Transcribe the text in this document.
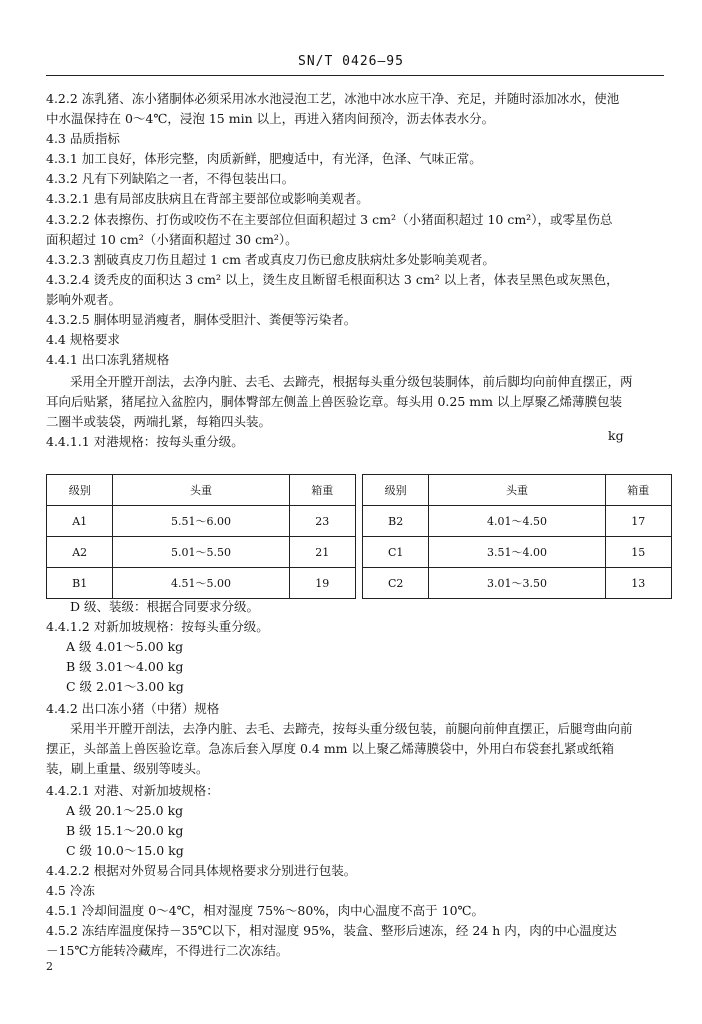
SN/T 0426—95
4.2.2 冻乳猪、冻小猪胴体必须采用冰水池浸泡工艺，冰池中冰水应干净、充足，并随时添加冰水，使池
中水温保持在 0～4℃，浸泡 15 min 以上，再进入猪肉间预冷，沥去体表水分。
4.3 品质指标
4.3.1 加工良好，体形完整，肉质新鲜，肥瘦适中，有光泽，色泽、气味正常。
4.3.2 凡有下列缺陷之一者，不得包装出口。
4.3.2.1 患有局部皮肤病且在背部主要部位或影响美观者。
4.3.2.2 体表擦伤、打伤或咬伤不在主要部位但面积超过 3 cm²（小猪面积超过 10 cm²），或零星伤总
面积超过 10 cm²（小猪面积超过 30 cm²）。
4.3.2.3 割破真皮刀伤且超过 1 cm 者或真皮刀伤已愈皮肤病灶多处影响美观者。
4.3.2.4 烫秃皮的面积达 3 cm² 以上，烫生皮且断留毛根面积达 3 cm² 以上者，体表呈黑色或灰黑色，
影响外观者。
4.3.2.5 胴体明显消瘦者，胴体受胆汁、粪便等污染者。
4.4 规格要求
4.4.1 出口冻乳猪规格
采用全开膛开剖法，去净内脏、去毛、去蹄壳，根据每头重分级包装胴体，前后脚均向前伸直摆正，两
耳向后贴紧，猪尾拉入盆腔内，胴体臀部左侧盖上兽医验讫章。每头用 0.25 mm 以上厚聚乙烯薄膜包装
二圈半或装袋，两端扎紧，每箱四头装。
4.4.1.1 对港规格：按每头重分级。
D 级、装级：根据合同要求分级。
4.4.1.2 对新加坡规格：按每头重分级。
A 级 4.01～5.00 kg
B 级 3.01～4.00 kg
C 级 2.01～3.00 kg
4.4.2 出口冻小猪（中猪）规格
采用半开膛开剖法，去净内脏、去毛、去蹄壳，按每头重分级包装，前腿向前伸直摆正，后腿弯曲向前
摆正，头部盖上兽医验讫章。急冻后套入厚度 0.4 mm 以上聚乙烯薄膜袋中，外用白布袋套扎紧或纸箱
装，刷上重量、级别等唛头。
4.4.2.1 对港、对新加坡规格：
A 级 20.1～25.0 kg
B 级 15.1～20.0 kg
C 级 10.0～15.0 kg
4.4.2.2 根据对外贸易合同具体规格要求分别进行包装。
4.5 冷冻
4.5.1 冷却间温度 0～4℃，相对湿度 75%～80%，肉中心温度不高于 10℃。
4.5.2 冻结库温度保持－35℃以下，相对湿度 95%，装盒、整形后速冻，经 24 h 内，肉的中心温度达
－15℃方能转冷藏库，不得进行二次冻结。
kg
级别	头重	箱重		级别	头重	箱重
A1	5.51～6.00	23		B2	4.01～4.50	17
A2	5.01～5.50	21		C1	3.51～4.00	15
B1	4.51～5.00	19		C2	3.01～3.50	13
2
